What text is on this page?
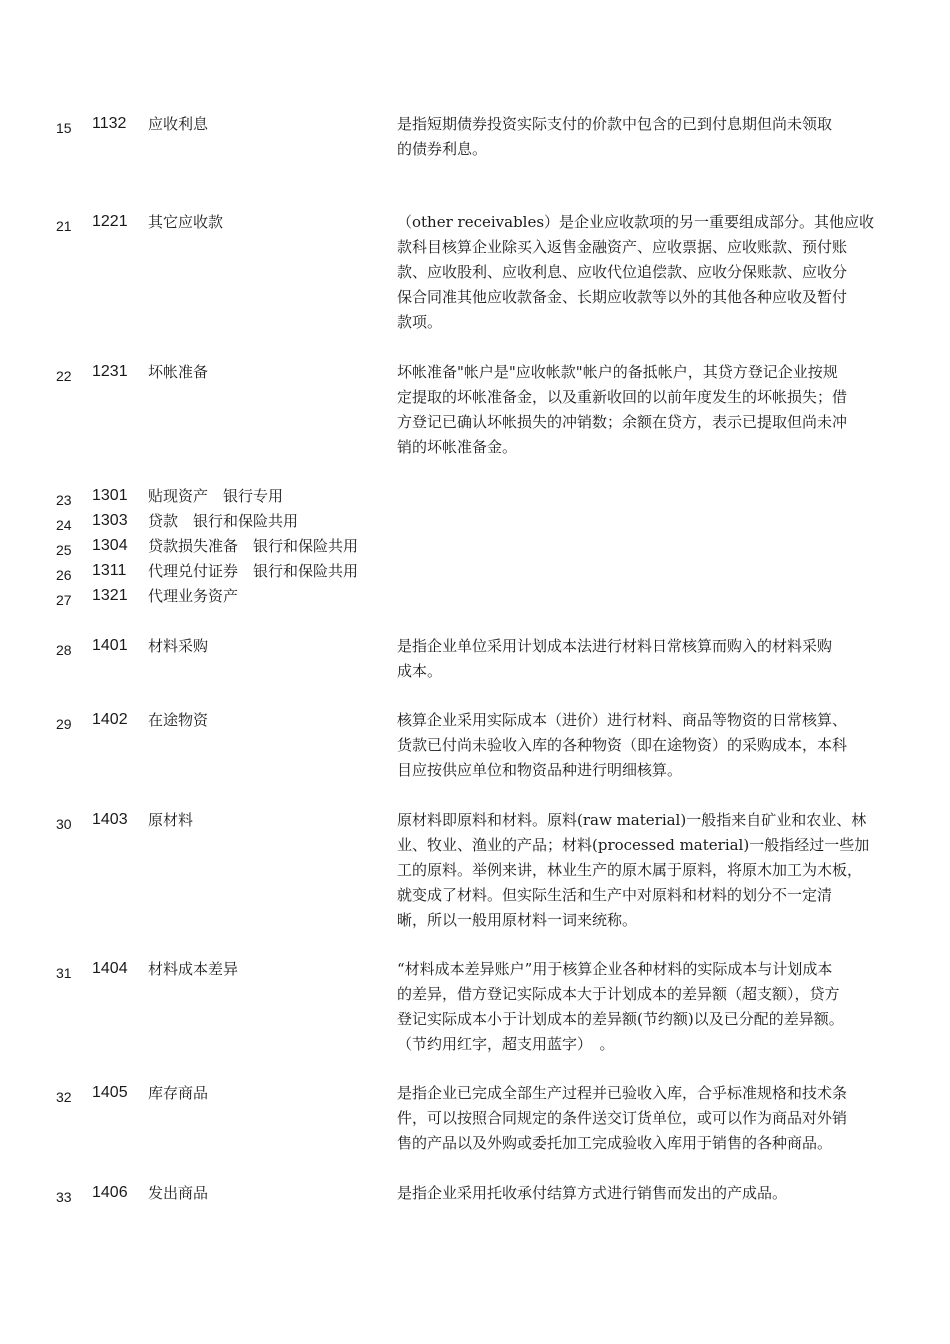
15	1132	应收利息	是指短期债券投资实际支付的价款中包含的已到付息期但尚未领取
的债券利息。
21	1221	其它应收款	（other receivables）是企业应收款项的另一重要组成部分。其他应收
款科目核算企业除买入返售金融资产、应收票据、应收账款、预付账
款、应收股利、应收利息、应收代位追偿款、应收分保账款、应收分
保合同准其他应收款备金、长期应收款等以外的其他各种应收及暂付
款项。
22	1231	坏帐准备	坏帐准备"帐户是"应收帐款"帐户的备抵帐户，其贷方登记企业按规
定提取的坏帐准备金，以及重新收回的以前年度发生的坏帐损失；借
方登记已确认坏帐损失的冲销数；余额在贷方，表示已提取但尚未冲
销的坏帐准备金。
23	1301	贴现资产　银行专用
24	1303	贷款　银行和保险共用
25	1304	贷款损失准备　银行和保险共用
26	1311	代理兑付证券　银行和保险共用
27	1321	代理业务资产
28	1401	材料采购	是指企业单位采用计划成本法进行材料日常核算而购入的材料采购
成本。
29	1402	在途物资	核算企业采用实际成本（进价）进行材料、商品等物资的日常核算、
货款已付尚未验收入库的各种物资（即在途物资）的采购成本，本科
目应按供应单位和物资品种进行明细核算。
30	1403	原材料	原材料即原料和材料。原料(raw material)一般指来自矿业和农业、林
业、牧业、渔业的产品；材料(processed material)一般指经过一些加
工的原料。举例来讲，林业生产的原木属于原料，将原木加工为木板，
就变成了材料。但实际生活和生产中对原料和材料的划分不一定清
晰，所以一般用原材料一词来统称。
31	1404	材料成本差异	“材料成本差异账户”用于核算企业各种材料的实际成本与计划成本
的差异，借方登记实际成本大于计划成本的差异额（超支额），贷方
登记实际成本小于计划成本的差异额(节约额)以及已分配的差异额。
（节约用红字，超支用蓝字）　。
32	1405	库存商品	是指企业已完成全部生产过程并已验收入库，合乎标准规格和技术条
件，可以按照合同规定的条件送交订货单位，或可以作为商品对外销
售的产品以及外购或委托加工完成验收入库用于销售的各种商品。
33	1406	发出商品	是指企业采用托收承付结算方式进行销售而发出的产成品。
